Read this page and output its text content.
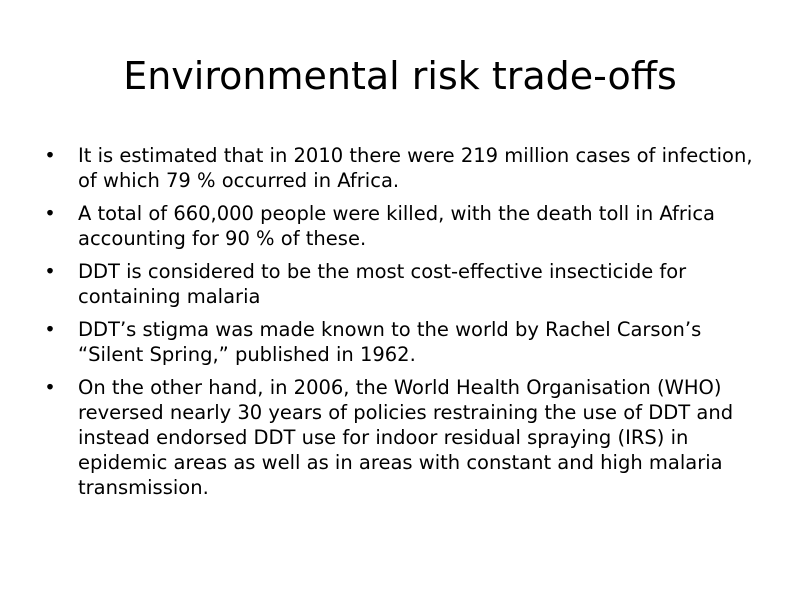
Environmental risk trade-offs
• It is estimated that in 2010 there were 219 million cases of infection, of which 79 % occurred in Africa.
• A total of 660,000 people were killed, with the death toll in Africa accounting for 90 % of these.
• DDT is considered to be the most cost-effective insecticide for containing malaria
• DDT’s stigma was made known to the world by Rachel Carson’s “Silent Spring,” published in 1962.
• On the other hand, in 2006, the World Health Organisation (WHO) reversed nearly 30 years of policies restraining the use of DDT and instead endorsed DDT use for indoor residual spraying (IRS) in epidemic areas as well as in areas with constant and high malaria transmission.
